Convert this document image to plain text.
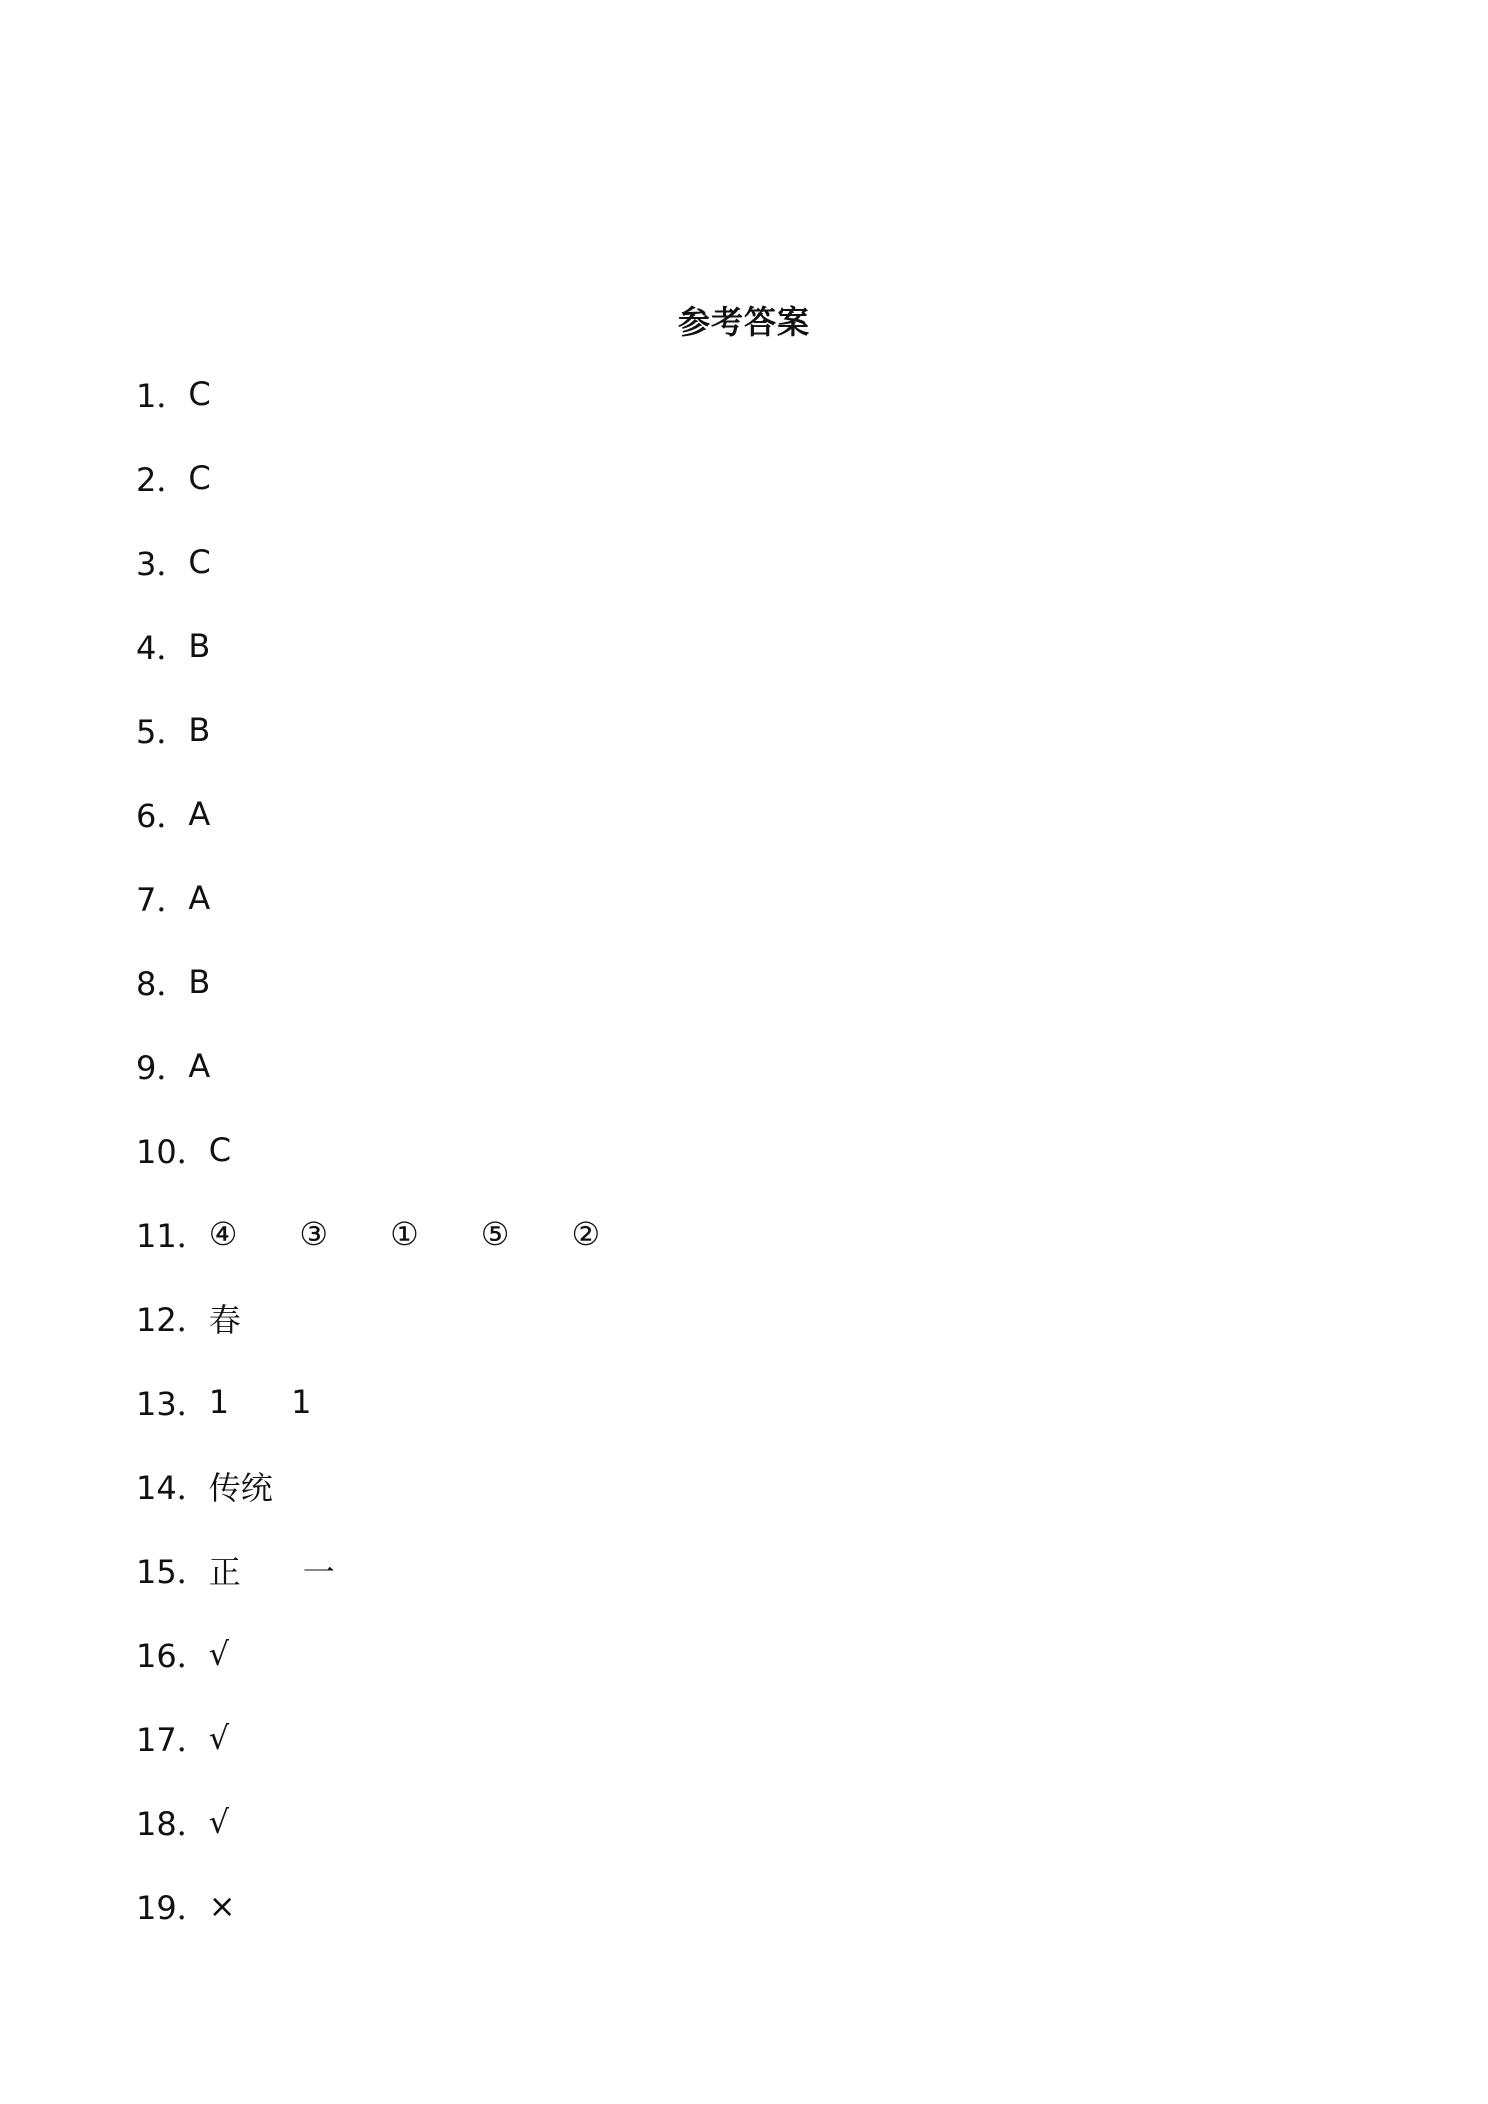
参考答案
1． C
2． C
3． C
4． B
5． B
6． A
7． A
8． B
9． A
10． C
11． ④ ③ ① ⑤ ②
12． 春
13． 1 1
14． 传统
15． 正 一
16． √
17． √
18． √
19． ×
